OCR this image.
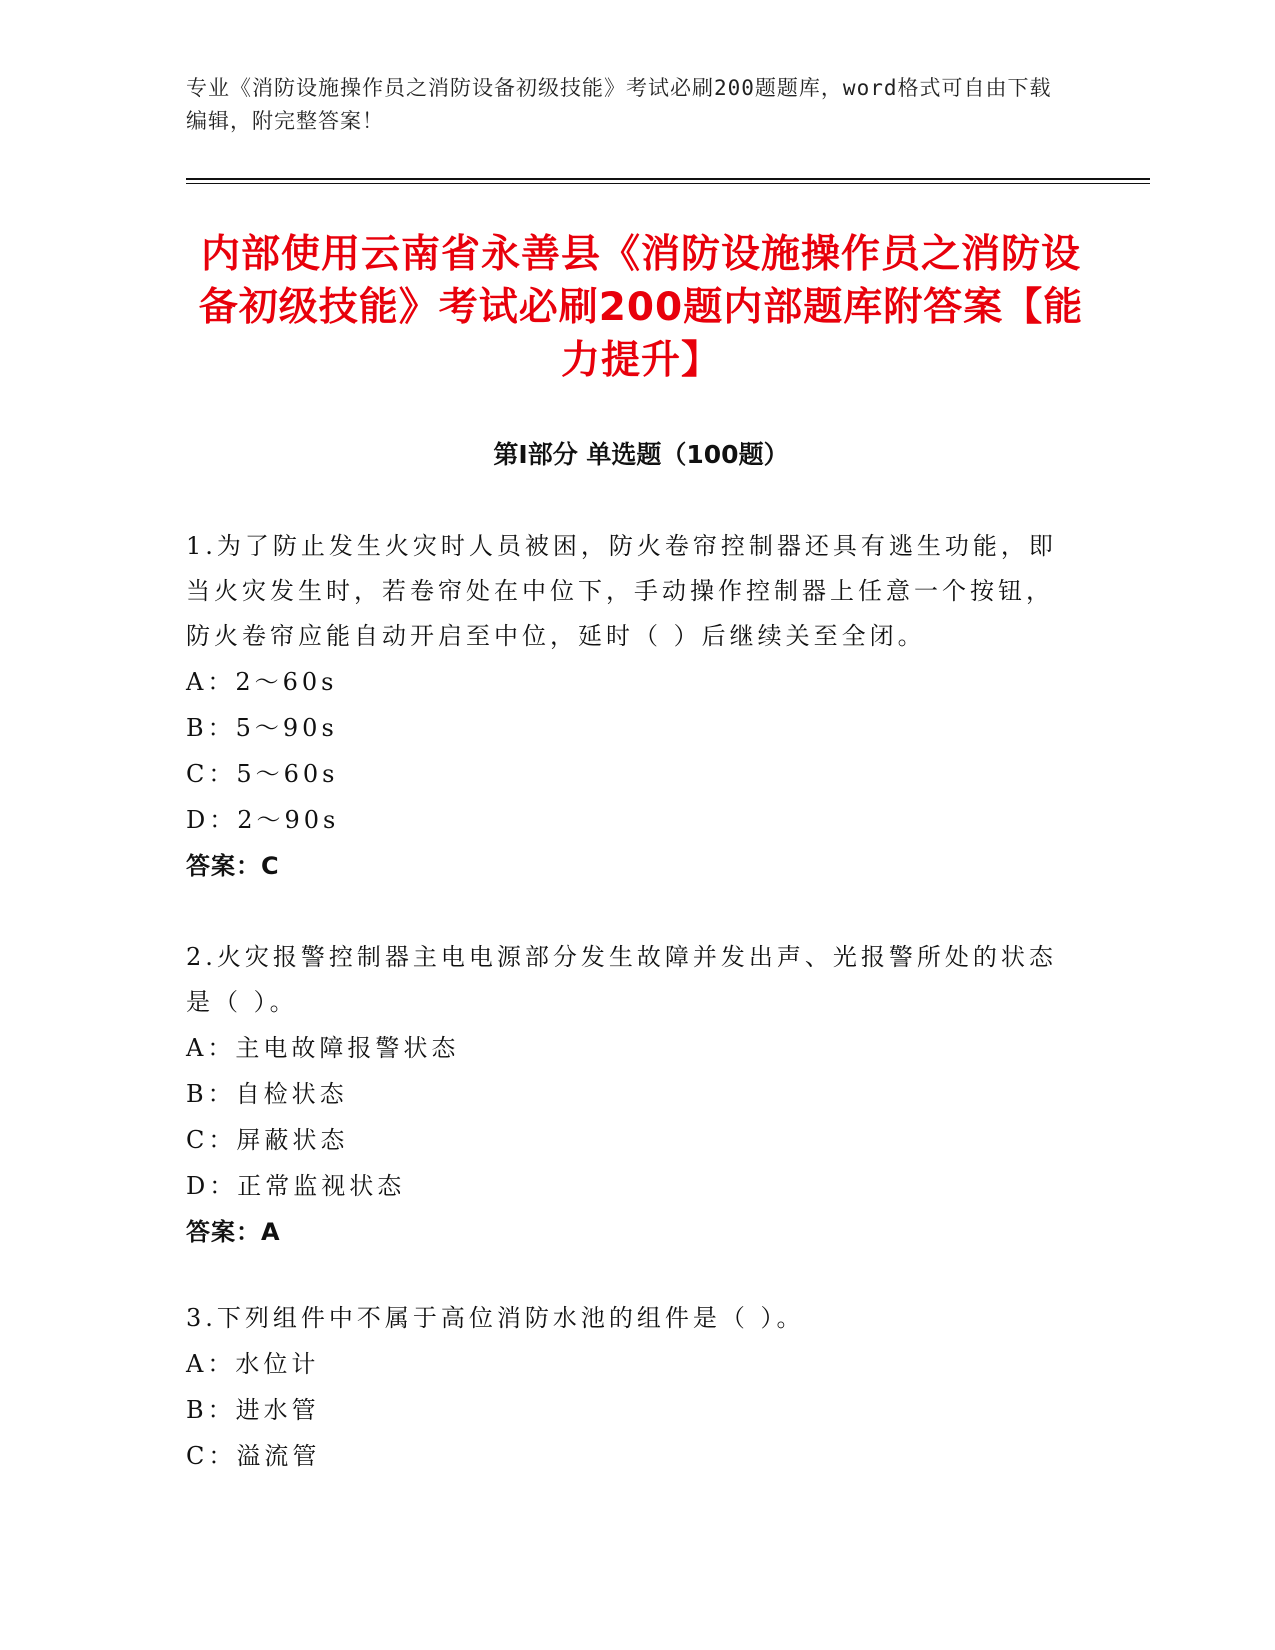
专业《消防设施操作员之消防设备初级技能》考试必刷200题题库，word格式可自由下载编辑，附完整答案！
内部使用云南省永善县《消防设施操作员之消防设备初级技能》考试必刷200题内部题库附答案【能力提升】
第Ⅰ部分 单选题（100题）
1.为了防止发生火灾时人员被困，防火卷帘控制器还具有逃生功能，即当火灾发生时，若卷帘处在中位下，手动操作控制器上任意一个按钮，防火卷帘应能自动开启至中位，延时（ ）后继续关至全闭。
A：2～60s
B：5～90s
C：5～60s
D：2～90s
答案：C
2.火灾报警控制器主电电源部分发生故障并发出声、光报警所处的状态是（ ）。
A：主电故障报警状态
B：自检状态
C：屏蔽状态
D：正常监视状态
答案：A
3.下列组件中不属于高位消防水池的组件是（ ）。
A：水位计
B：进水管
C：溢流管
